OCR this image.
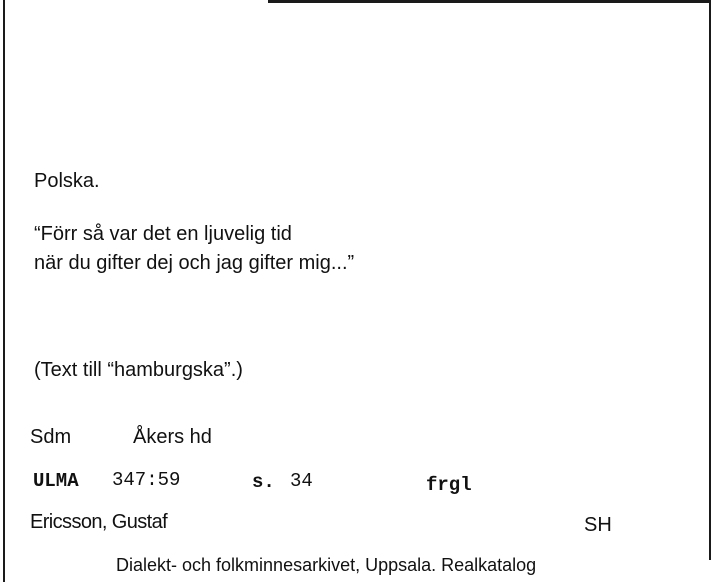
Polska.
“Förr så var det en ljuvelig tid
när du gifter dej och jag gifter mig...”
(Text till “hamburgska”.)
Sdm	Åkers hd
ULMA 347:59	s. 34	frgl
Ericsson, Gustaf	SH
Dialekt- och folkminnesarkivet, Uppsala. Realkatalog
